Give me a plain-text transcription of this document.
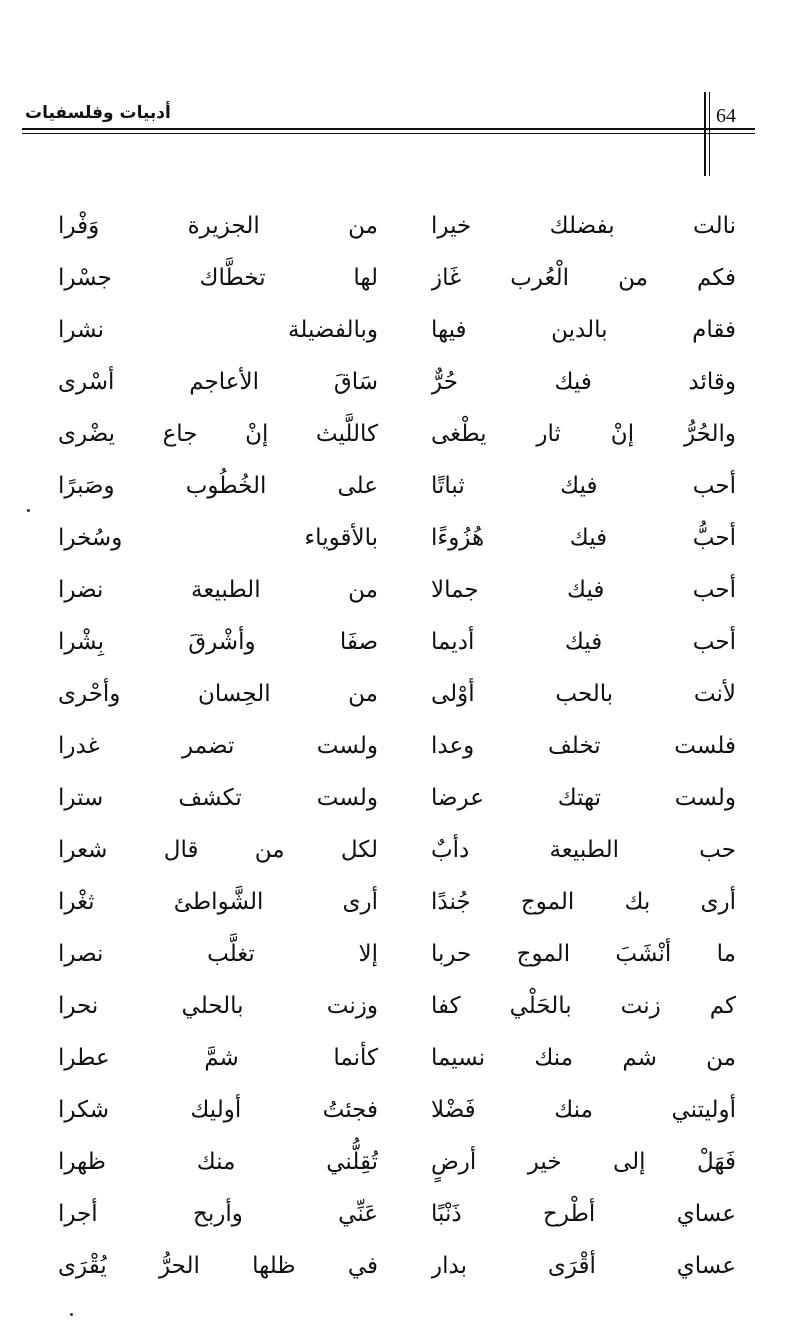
64
أدبيات وفلسفيات
نالت بفضلك خيرا
من الجزيرة وَفْرا
فكم من الْعُرب غَاز
لها تخطَّاك جسْرا
فقام بالدين فيها
وبالفضيلة نشرا
وقائد فيك حُرٌّ
سَاقَ الأعاجم أسْرى
والحُرُّ إنْ ثار يطْغى
كاللَّيث إنْ جاع يضْرى
أحب فيك ثباتًا
على الخُطُوب وصَبرًا
أحبُّ فيك هُزُوءًا
بالأقوياء وسُخرا
أحب فيك جمالا
من الطبيعة نضرا
أحب فيك أديما
صفَا وأشْرقَ بِشْرا
لأنت بالحب أوْلى
من الحِسان وأحْرى
فلست تخلف وعدا
ولست تضمر غدرا
ولست تهتك عرضا
ولست تكشف سترا
حب الطبيعة دأبٌ
لكل من قال شعرا
أرى بك الموج جُندًا
أرى الشَّواطئ ثغْرا
ما أنْشَبَ الموج حربا
إلا تغلَّب نصرا
كم زنت بالحَلْي كفا
وزنت بالحلي نحرا
من شم منك نسيما
كأنما شمَّ عطرا
أوليتني منك فَضْلا
فجئتُ أوليك شكرا
فَهَلْ إلى خير أرضٍ
تُقِلُّني منك ظهرا
عساي أطْرح ذَنْبًا
عَنِّي وأربح أجرا
عساي أقْرَى بدار
في ظلها الحرُّ يُقْرَى
